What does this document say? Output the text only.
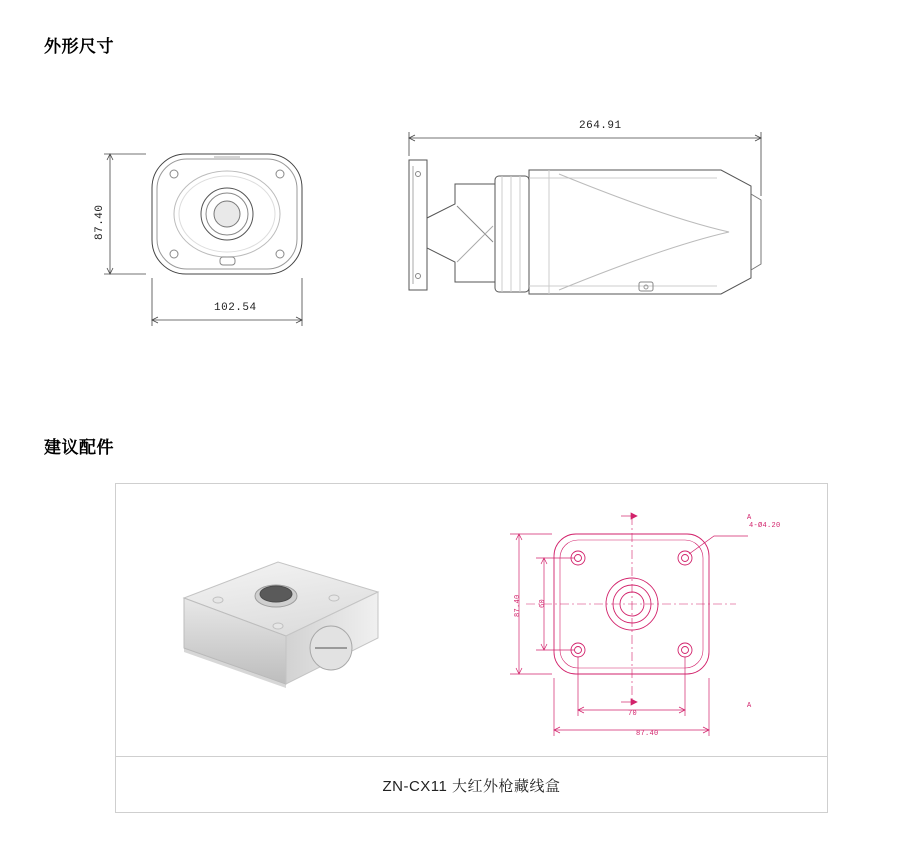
外形尺寸
87.40
102.54
264.91
建议配件
A
A
4-Ø4.20
87.40 60
70
87.40
ZN-CX11 大红外枪藏线盒
